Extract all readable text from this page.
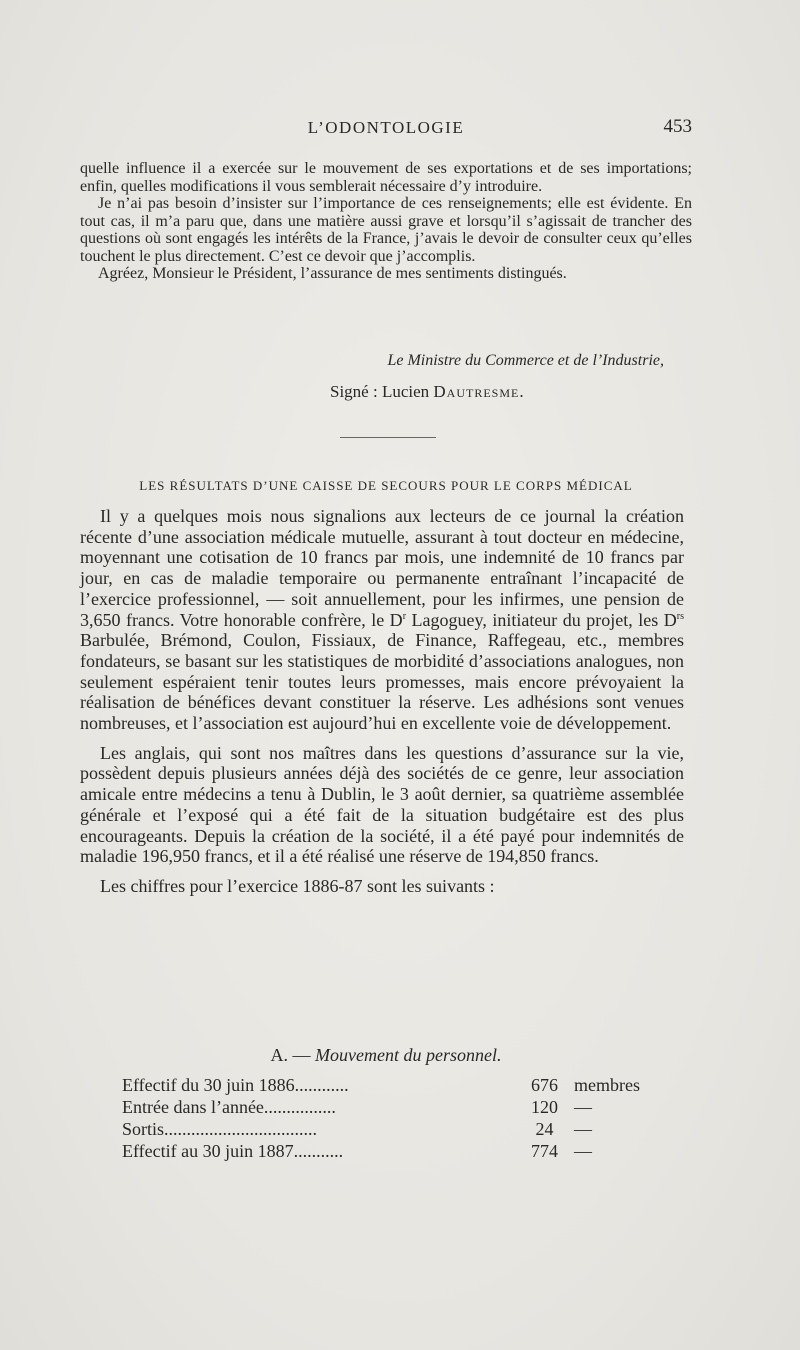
L’ODONTOLOGIE	453

quelle influence il a exercée sur le mouvement de ses exportations et de ses importations; enfin, quelles modifications il vous semblerait nécessaire d’y introduire.

Je n’ai pas besoin d’insister sur l’importance de ces renseignements; elle est évidente. En tout cas, il m’a paru que, dans une matière aussi grave et lorsqu’il s’agissait de trancher des questions où sont engagés les intérêts de la France, j’avais le devoir de consulter ceux qu’elles touchent le plus directement. C’est ce devoir que j’accomplis.

Agréez, Monsieur le Président, l’assurance de mes sentiments distingués.

Le Ministre du Commerce et de l’Industrie,
Signé : Lucien Dautresme.
LES RÉSULTATS D’UNE CAISSE DE SECOURS POUR LE CORPS MÉDICAL

Il y a quelques mois nous signalions aux lecteurs de ce journal la création récente d’une association médicale mutuelle, assurant à tout docteur en médecine, moyennant une cotisation de 10 francs par mois, une indemnité de 10 francs par jour, en cas de maladie temporaire ou permanente entraînant l’incapacité de l’exercice professionnel, — soit annuellement, pour les infirmes, une pension de 3,650 francs. Votre honorable confrère, le $D^r$ Lagoguey, initiateur du projet, les $D^{rs}$ Barbulée, Brémond, Coulon, Fissiaux, de Finance, Raffegeau, etc., membres fondateurs, se basant sur les statistiques de morbidité d’associations analogues, non seulement espéraient tenir toutes leurs promesses, mais encore prévoyaient la réalisation de bénéfices devant constituer la réserve. Les adhésions sont venues nombreuses, et l’association est aujourd’hui en excellente voie de développement.

Les anglais, qui sont nos maîtres dans les questions d’assurance sur la vie, possèdent depuis plusieurs années déjà des sociétés de ce genre, leur association amicale entre médecins a tenu à Dublin, le 3 août dernier, sa quatrième assemblée générale et l’exposé qui a été fait de la situation budgétaire est des plus encourageants. Depuis la création de la société, il a été payé pour indemnités de maladie 196,950 francs, et il a été réalisé une réserve de 194,850 francs.

Les chiffres pour l’exercice 1886-87 sont les suivants :

A. — Mouvement du personnel.
Effectif du 30 juin 1886............	676 membres
Entrée dans l’année................	120 —
Sortis..................................	24	—
Effectif au 30 juin 1887...........	774 —
